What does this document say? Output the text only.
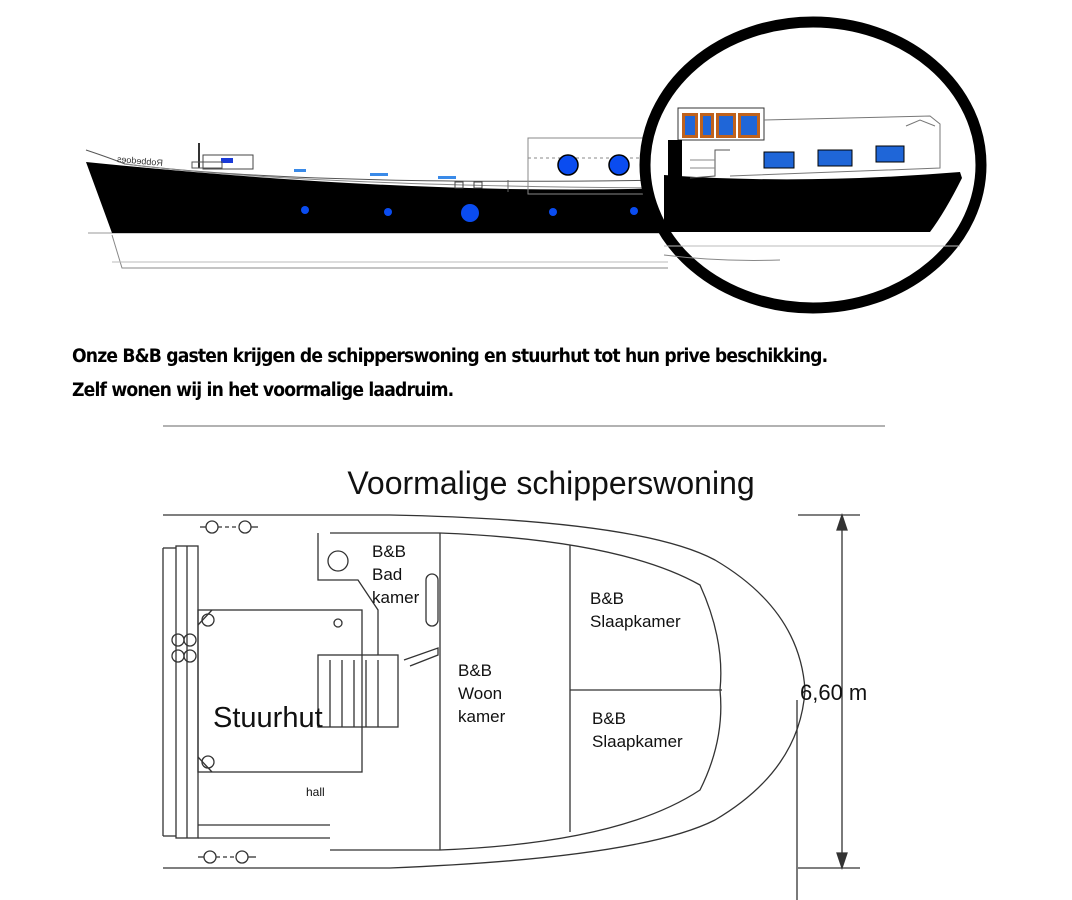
Robbedoes
Voormalige schipperswoning
6,60 m
B&B
Bad
kamer	B&B
Slaapkamer
B&B
Slaapkamer
B&B
Woon
kamer
Stuurhut
hall
Onze B&B gasten krijgen de schipperswoning en stuurhut tot hun prive beschikking.
Zelf wonen wij in het voormalige laadruim.
